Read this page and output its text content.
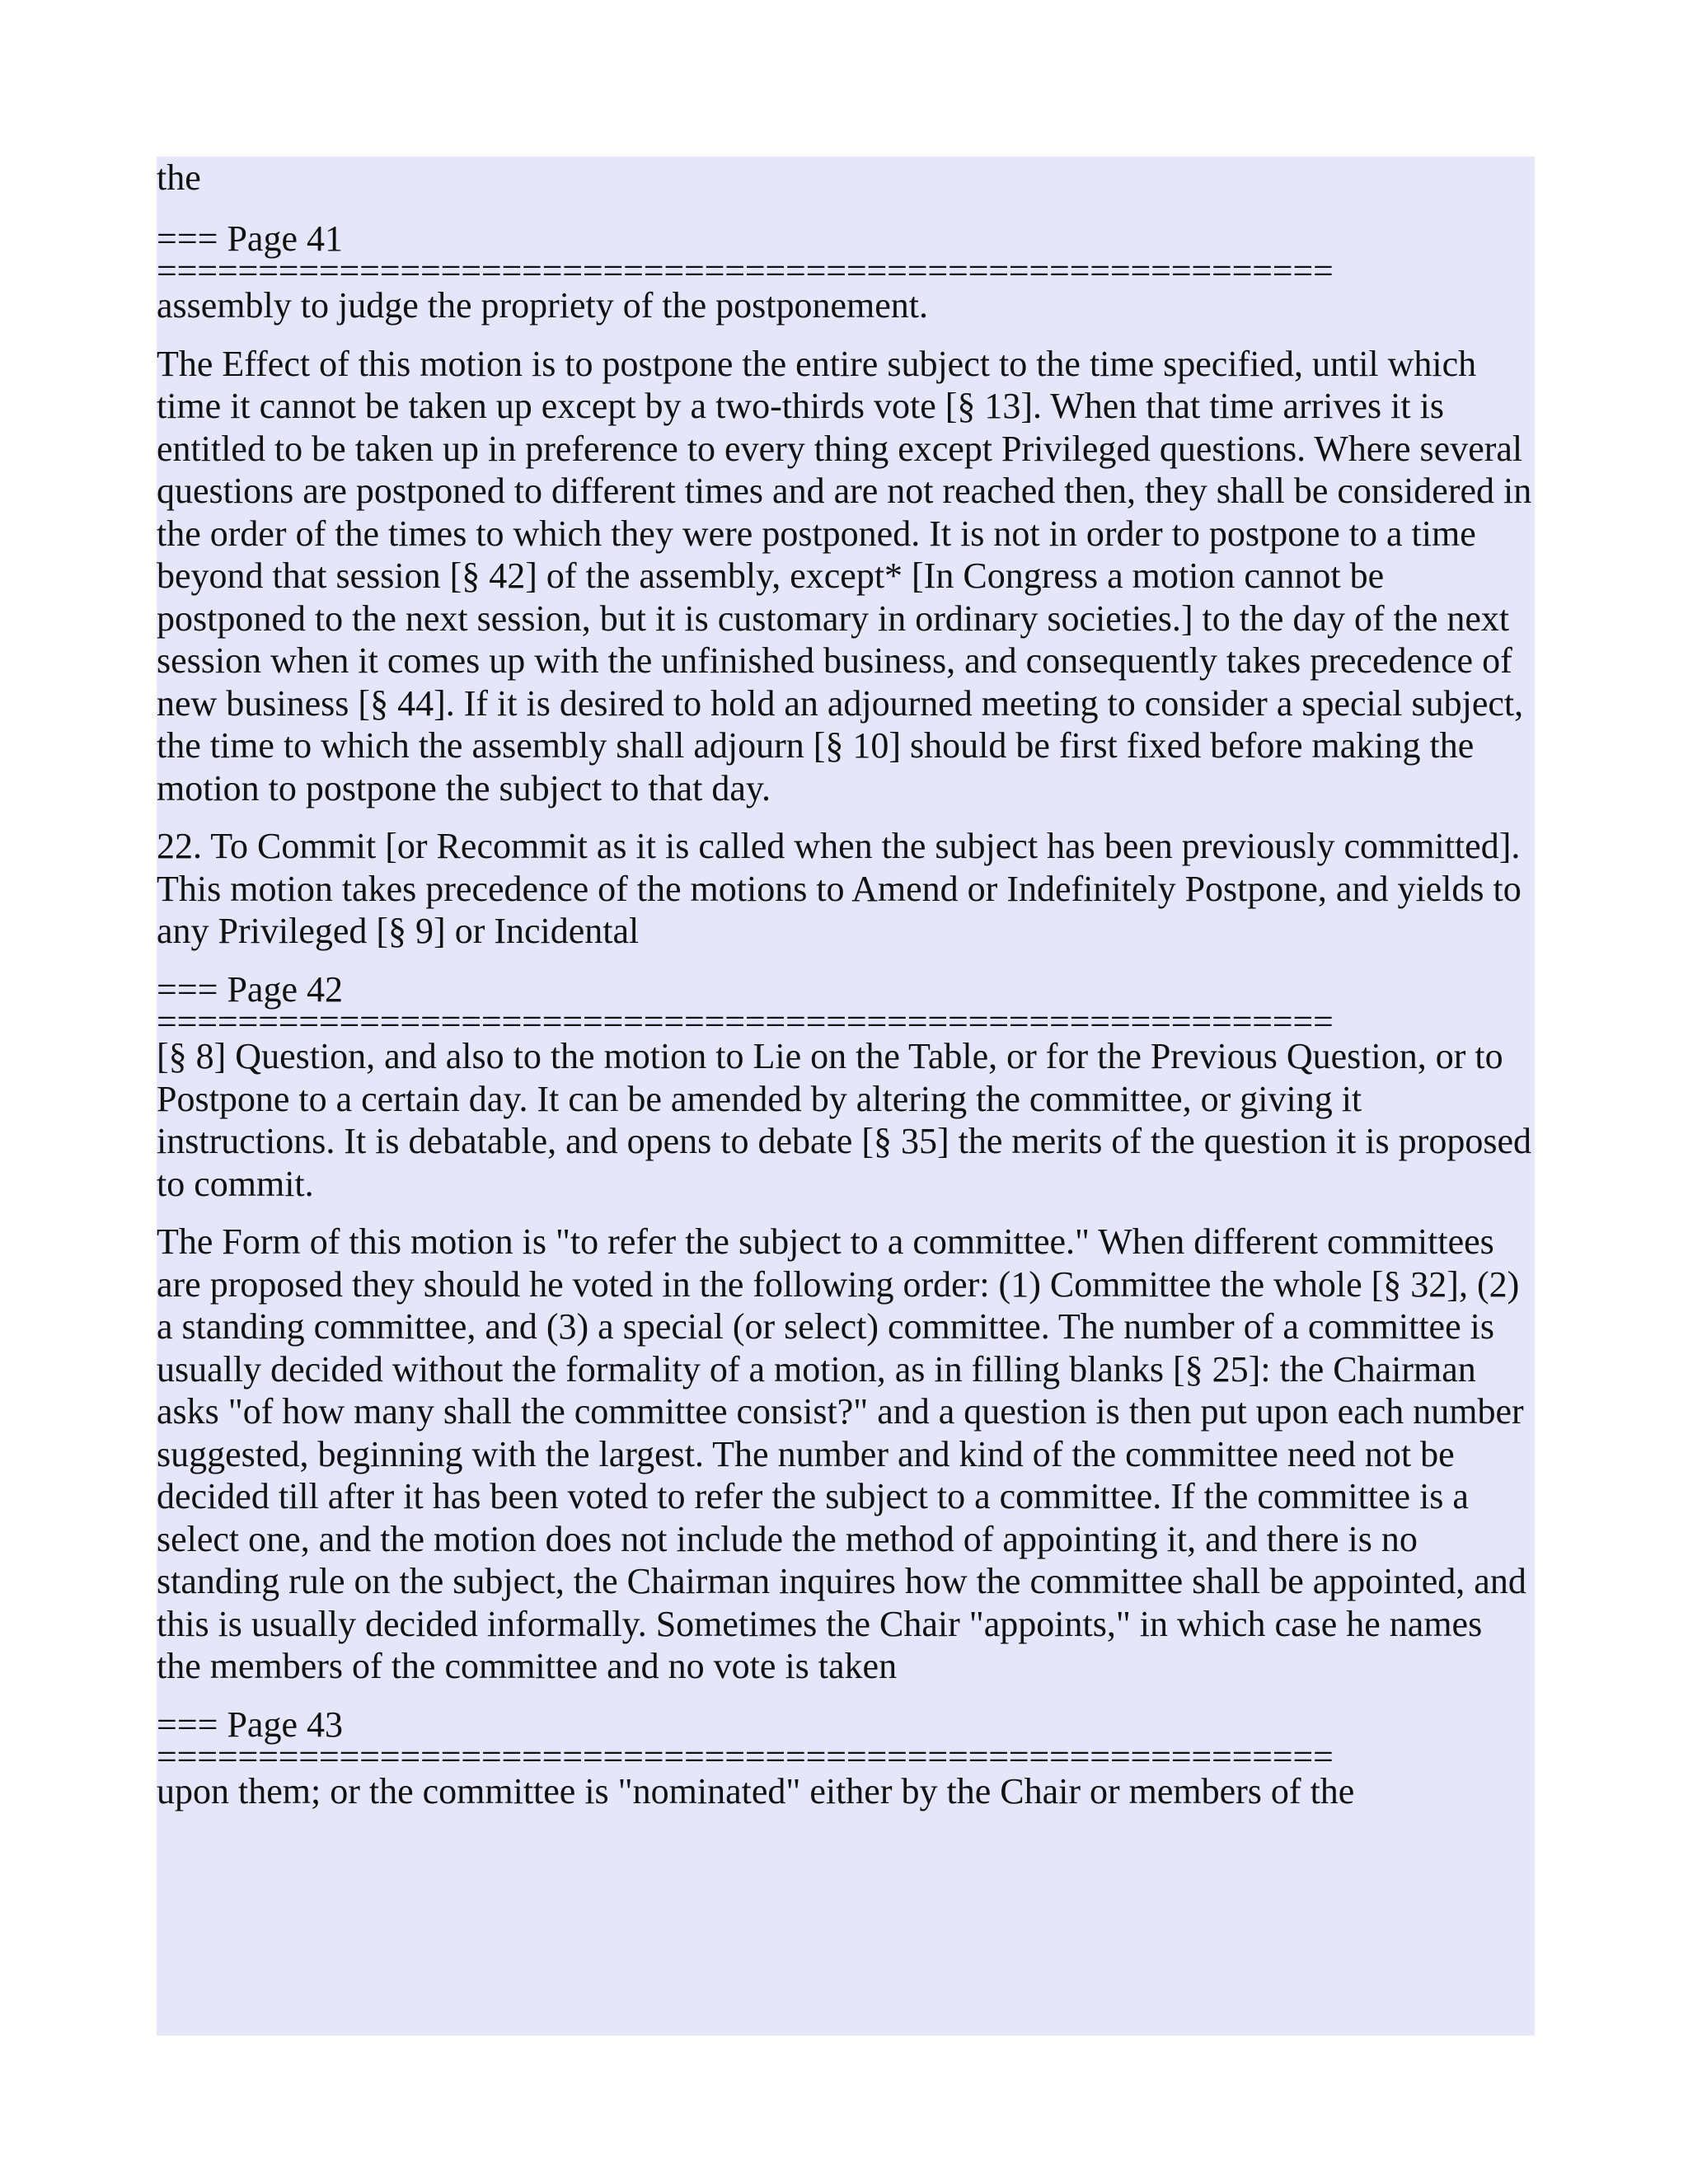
the

=== Page 41

==========================================================

assembly to judge the propriety of the postponement.

The Effect of this motion is to postpone the entire subject to the time specified, until which time it cannot be taken up except by a two-thirds vote [§ 13]. When that time arrives it is entitled to be taken up in preference to every thing except Privileged questions. Where several questions are postponed to different times and are not reached then, they shall be considered in the order of the times to which they were postponed. It is not in order to postpone to a time beyond that session [§ 42] of the assembly, except* [In Congress a motion cannot be postponed to the next session, but it is customary in ordinary societies.] to the day of the next session when it comes up with the unfinished business, and consequently takes precedence of new business [§ 44]. If it is desired to hold an adjourned meeting to consider a special subject, the time to which the assembly shall adjourn [§ 10] should be first fixed before making the motion to postpone the subject to that day.

22. To Commit [or Recommit as it is called when the subject has been previously committed]. This motion takes precedence of the motions to Amend or Indefinitely Postpone, and yields to any Privileged [§ 9] or Incidental

=== Page 42

==========================================================

[§ 8] Question, and also to the motion to Lie on the Table, or for the Previous Question, or to Postpone to a certain day. It can be amended by altering the committee, or giving it instructions. It is debatable, and opens to debate [§ 35] the merits of the question it is proposed to commit.

The Form of this motion is "to refer the subject to a committee." When different committees are proposed they should he voted in the following order: (1) Committee the whole [§ 32], (2) a standing committee, and (3) a special (or select) committee. The number of a committee is usually decided without the formality of a motion, as in filling blanks [§ 25]: the Chairman asks "of how many shall the committee consist?" and a question is then put upon each number suggested, beginning with the largest. The number and kind of the committee need not be decided till after it has been voted to refer the subject to a committee. If the committee is a select one, and the motion does not include the method of appointing it, and there is no standing rule on the subject, the Chairman inquires how the committee shall be appointed, and this is usually decided informally. Sometimes the Chair "appoints," in which case he names the members of the committee and no vote is taken

=== Page 43

==========================================================

upon them; or the committee is "nominated" either by the Chair or members of the
